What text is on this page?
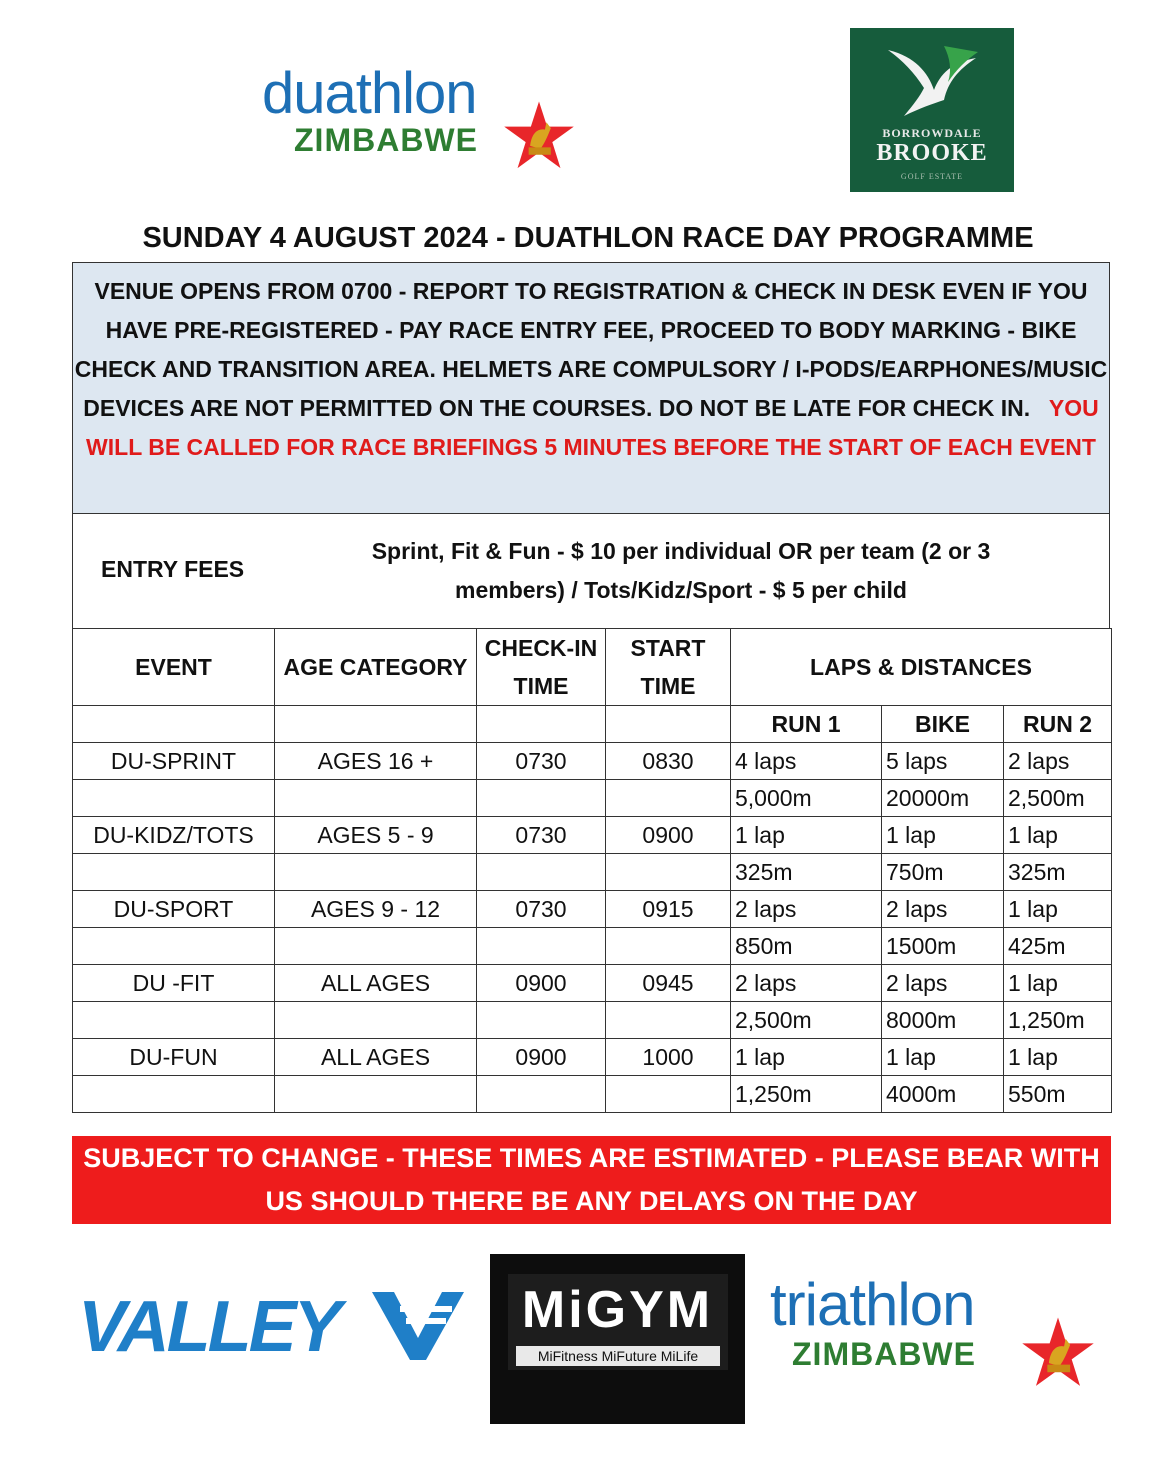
duathlon
ZIMBABWE	BORROWDALE
BROOKE
GOLF ESTATE
SUNDAY 4 AUGUST 2024 - DUATHLON RACE DAY PROGRAMME
VENUE OPENS FROM 0700 - REPORT TO REGISTRATION & CHECK IN DESK EVEN IF YOU HAVE PRE-REGISTERED - PAY RACE ENTRY FEE, PROCEED TO BODY MARKING - BIKE CHECK AND TRANSITION AREA. HELMETS ARE COMPULSORY / I-PODS/EARPHONES/MUSIC DEVICES ARE NOT PERMITTED ON THE COURSES. DO NOT BE LATE FOR CHECK IN. YOU WILL BE CALLED FOR RACE BRIEFINGS 5 MINUTES BEFORE THE START OF EACH EVENT
ENTRY FEES
Sprint, Fit & Fun - $ 10 per individual OR per team (2 or 3 members) / Tots/Kidz/Sport - $ 5 per child
EVENT	AGE CATEGORY	CHECK-IN TIME	START TIME	LAPS & DISTANCES		
				RUN 1	BIKE	RUN 2
DU-SPRINT	AGES 16 +	0730	0830	4 laps	5 laps	2 laps
				5,000m	20000m	2,500m
DU-KIDZ/TOTS	AGES 5 - 9	0730	0900	1 lap	1 lap	1 lap
				325m	750m	325m
DU-SPORT	AGES 9 - 12	0730	0915	2 laps	2 laps	1 lap
				850m	1500m	425m
DU -FIT	ALL AGES	0900	0945	2 laps	2 laps	1 lap
				2,500m	8000m	1,250m
DU-FUN	ALL AGES	0900	1000	1 lap	1 lap	1 lap
				1,250m	4000m	550m
SUBJECT TO CHANGE - THESE TIMES ARE ESTIMATED - PLEASE BEAR WITH US SHOULD THERE BE ANY DELAYS ON THE DAY
VALLEY	MiGYM
MiFitness MiFuture MiLife
triathlon
ZIMBABWE
